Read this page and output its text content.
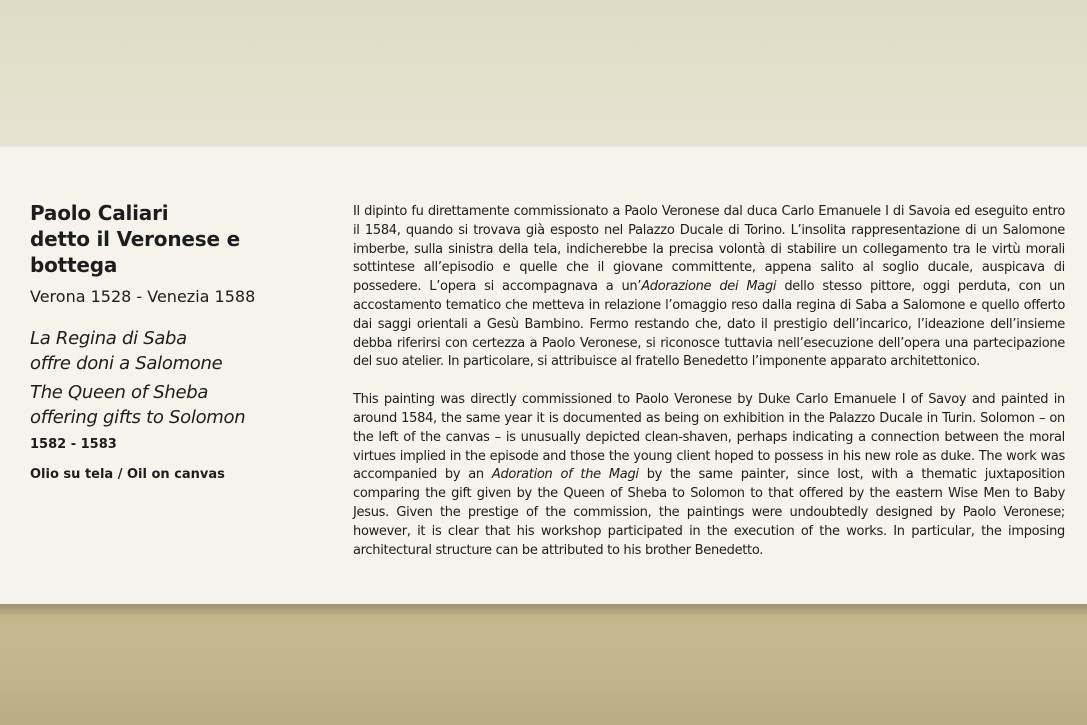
Paolo Caliari
detto il Veronese e bottega

Verona 1528 - Venezia 1588

La Regina di Saba
offre doni a Salomone

The Queen of Sheba
offering gifts to Solomon

1582 - 1583
Olio su tela / Oil on canvas

Il dipinto fu direttamente commissionato a Paolo Veronese dal duca Carlo Emanuele I di Savoia ed eseguito entro il 1584, quando si trovava già esposto nel Palazzo Ducale di Torino. L’insolita rappresentazione di un Salomone imberbe, sulla sinistra della tela, indicherebbe la precisa volontà di stabilire un collegamento tra le virtù morali sottintese all’episodio e quelle che il giovane committente, appena salito al soglio ducale, auspicava di possedere. L’opera si accompagnava a un’Adorazione dei Magi dello stesso pittore, oggi perduta, con un accostamento tematico che metteva in relazione l’omaggio reso dalla regina di Saba a Salomone e quello offerto dai saggi orientali a Gesù Bambino. Fermo restando che, dato il prestigio dell’incarico, l’ideazione dell’insieme debba riferirsi con certezza a Paolo Veronese, si riconosce tuttavia nell’esecuzione dell’opera una partecipazione del suo atelier. In particolare, si attribuisce al fratello Benedetto l’imponente apparato architettonico.

This painting was directly commissioned to Paolo Veronese by Duke Carlo Emanuele I of Savoy and painted in around 1584, the same year it is documented as being on exhibition in the Palazzo Ducale in Turin. Solomon – on the left of the canvas – is unusually depicted clean-shaven, perhaps indicating a connection between the moral virtues implied in the episode and those the young client hoped to possess in his new role as duke. The work was accompanied by an Adoration of the Magi by the same painter, since lost, with a thematic juxtaposition comparing the gift given by the Queen of Sheba to Solomon to that offered by the eastern Wise Men to Baby Jesus. Given the prestige of the commission, the paintings were undoubtedly designed by Paolo Veronese; however, it is clear that his workshop participated in the execution of the works. In particular, the imposing architectural structure can be attributed to his brother Benedetto.
